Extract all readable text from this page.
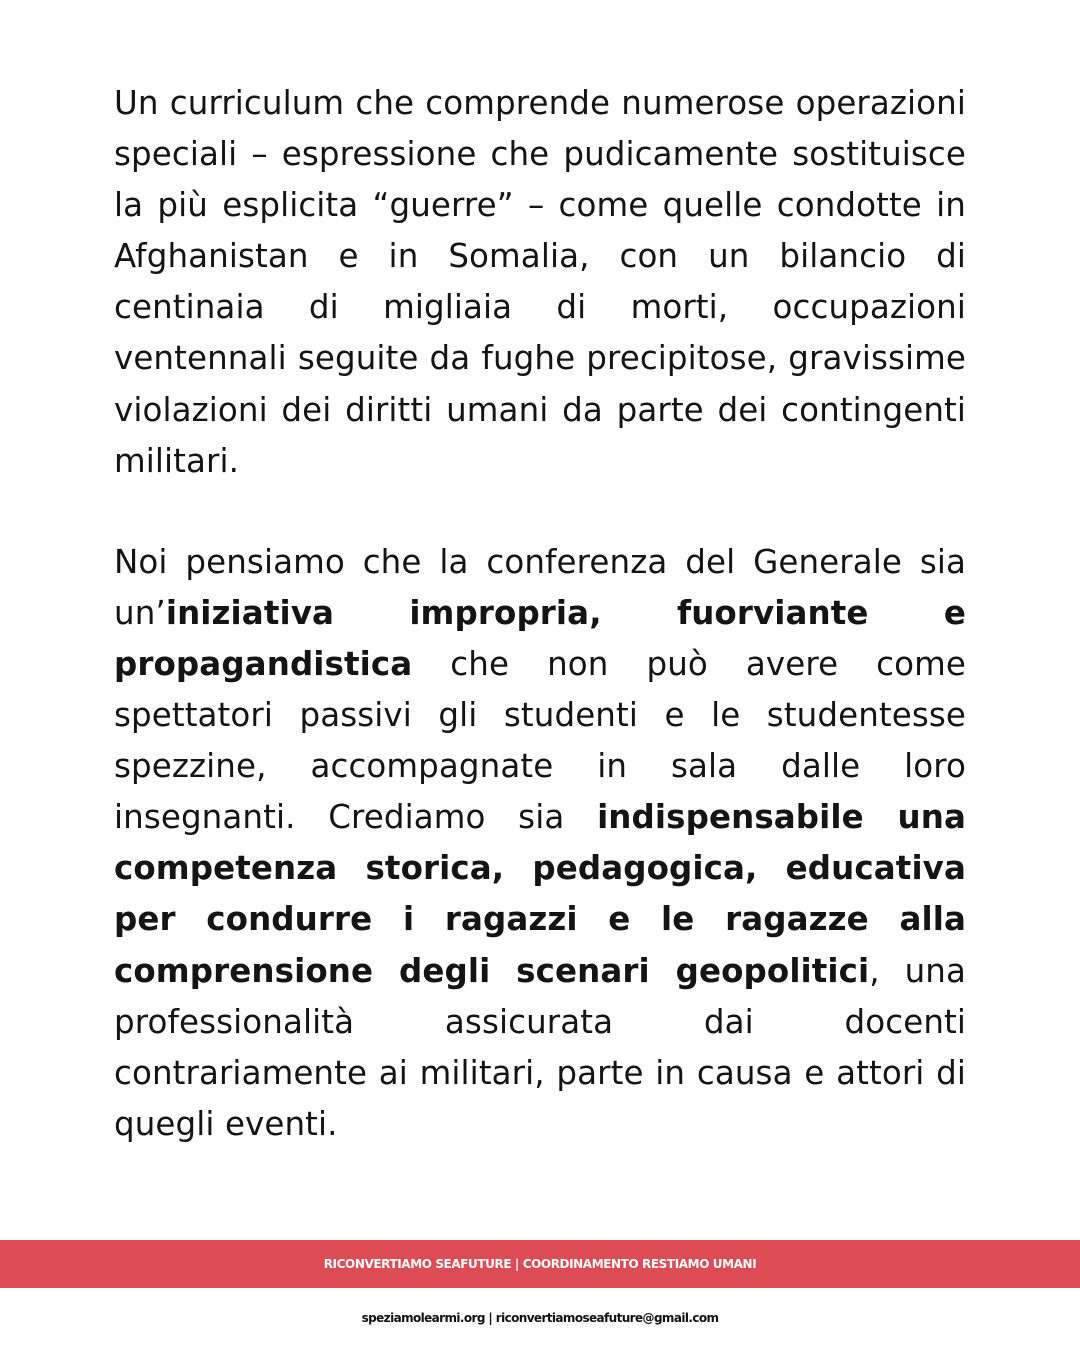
Un curriculum che comprende numerose operazioni speciali – espressione che pudicamente sostituisce la più esplicita “guerre” – come quelle condotte in Afghanistan e in Somalia, con un bilancio di centinaia di migliaia di morti, occupazioni ventennali seguite da fughe precipitose, gravissime violazioni dei diritti umani da parte dei contingenti militari.

Noi pensiamo che la conferenza del Generale sia un’iniziativa impropria, fuorviante e propagandistica che non può avere come spettatori passivi gli studenti e le studentesse spezzine, accompagnate in sala dalle loro insegnanti. Crediamo sia indispensabile una competenza storica, pedagogica, educativa per condurre i ragazzi e le ragazze alla comprensione degli scenari geopolitici, una professionalità assicurata dai docenti contrariamente ai militari, parte in causa e attori di quegli eventi.

RICONVERTIAMO SEAFUTURE | COORDINAMENTO RESTIAMO UMANI
speziamolearmi.org | riconvertiamoseafuture@gmail.com
